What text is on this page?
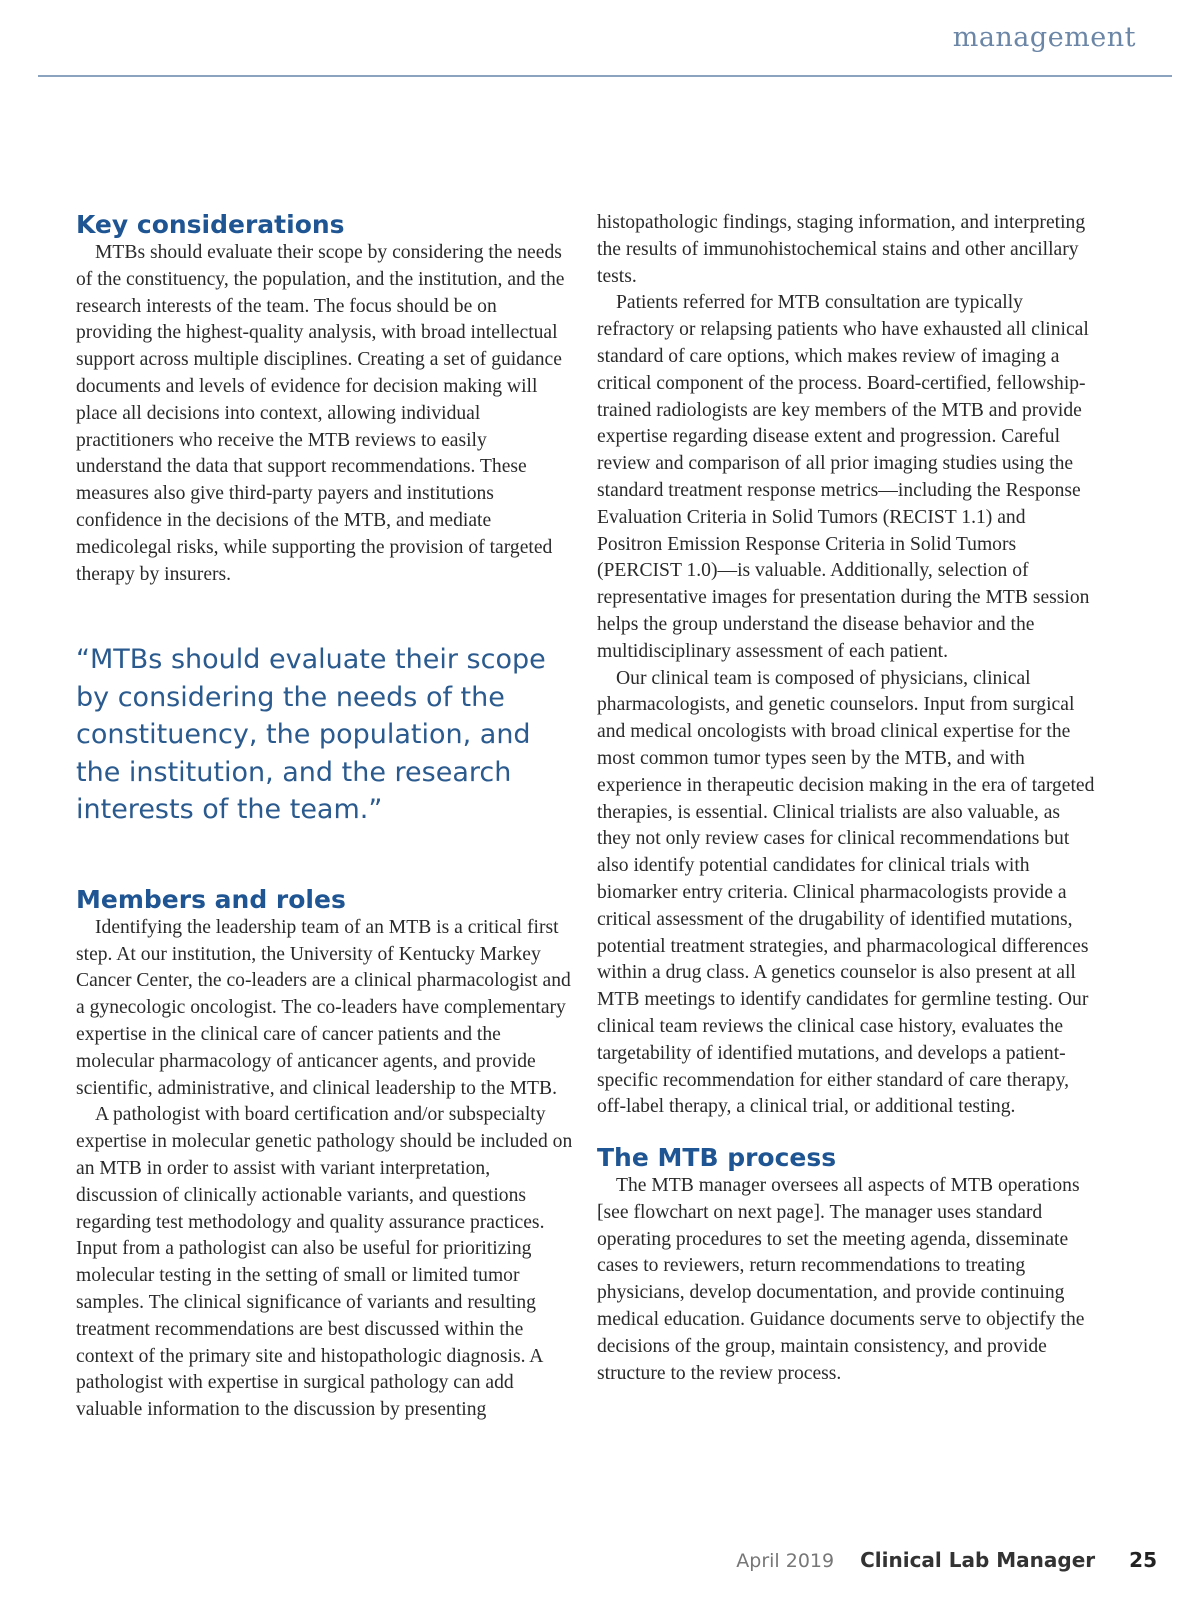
management
Key considerations

MTBs should evaluate their scope by considering the needs of the constituency, the population, and the institution, and the research interests of the team. The focus should be on providing the highest-quality analysis, with broad intellectual support across multiple disciplines. Creating a set of guidance documents and levels of evidence for decision making will place all decisions into context, allowing individual practitioners who receive the MTB reviews to easily understand the data that support recommendations. These measures also give third-party payers and institutions confidence in the decisions of the MTB, and mediate medicolegal risks, while supporting the provision of targeted therapy by insurers.

“MTBs should evaluate their scope by considering the needs of the constituency, the population, and the institution, and the research interests of the team.”
Members and roles

Identifying the leadership team of an MTB is a critical first step. At our institution, the University of Kentucky Markey Cancer Center, the co-leaders are a clinical pharmacologist and a gynecologic oncologist. The co-leaders have complementary expertise in the clinical care of cancer patients and the molecular pharmacology of anticancer agents, and provide scientific, administrative, and clinical leadership to the MTB.

A pathologist with board certification and/or subspecialty expertise in molecular genetic pathology should be included on an MTB in order to assist with variant interpretation, discussion of clinically actionable variants, and questions regarding test methodology and quality assurance practices. Input from a pathologist can also be useful for prioritizing molecular testing in the setting of small or limited tumor samples. The clinical significance of variants and resulting treatment recommendations are best discussed within the context of the primary site and histopathologic diagnosis. A pathologist with expertise in surgical pathology can add valuable information to the discussion by presenting

histopathologic findings, staging information, and interpreting the results of immunohistochemical stains and other ancillary tests.

Patients referred for MTB consultation are typically refractory or relapsing patients who have exhausted all clinical standard of care options, which makes review of imaging a critical component of the process. Board-certified, fellowship-trained radiologists are key members of the MTB and provide expertise regarding disease extent and progression. Careful review and comparison of all prior imaging studies using the standard treatment response metrics—including the Response Evaluation Criteria in Solid Tumors (RECIST 1.1) and Positron Emission Response Criteria in Solid Tumors (PERCIST 1.0)—is valuable. Additionally, selection of representative images for presentation during the MTB session helps the group understand the disease behavior and the multidisciplinary assessment of each patient.

Our clinical team is composed of physicians, clinical pharmacologists, and genetic counselors. Input from surgical and medical oncologists with broad clinical expertise for the most common tumor types seen by the MTB, and with experience in therapeutic decision making in the era of targeted therapies, is essential. Clinical trialists are also valuable, as they not only review cases for clinical recommendations but also identify potential candidates for clinical trials with biomarker entry criteria. Clinical pharmacologists provide a critical assessment of the drugability of identified mutations, potential treatment strategies, and pharmacological differences within a drug class. A genetics counselor is also present at all MTB meetings to identify candidates for germline testing. Our clinical team reviews the clinical case history, evaluates the targetability of identified mutations, and develops a patient-specific recommendation for either standard of care therapy, off-label therapy, a clinical trial, or additional testing.

The MTB process

The MTB manager oversees all aspects of MTB operations [see flowchart on next page]. The manager uses standard operating procedures to set the meeting agenda, disseminate cases to reviewers, return recommendations to treating physicians, develop documentation, and provide continuing medical education. Guidance documents serve to objectify the decisions of the group, maintain consistency, and provide structure to the review process.

April 2019 Clinical Lab Manager 25
